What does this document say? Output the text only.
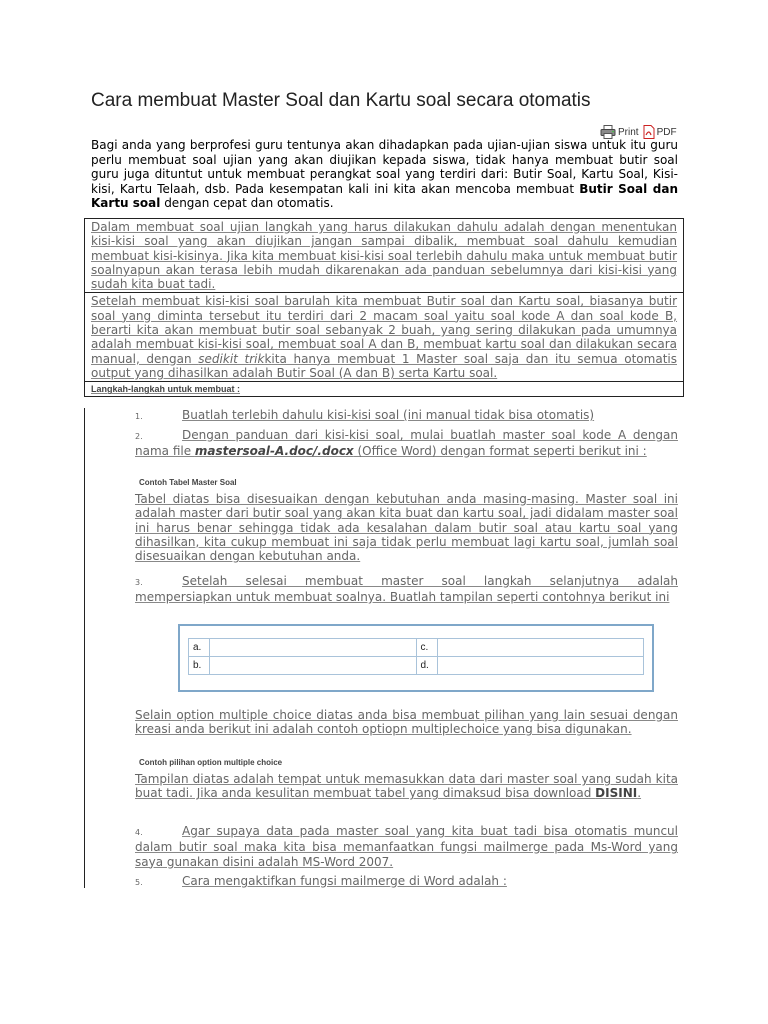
Cara membuat Master Soal dan Kartu soal secara otomatis
Print PDF

Bagi anda yang berprofesi guru tentunya akan dihadapkan pada ujian-ujian siswa untuk itu guru perlu membuat soal ujian yang akan diujikan kepada siswa, tidak hanya membuat butir soal guru juga dituntut untuk membuat perangkat soal yang terdiri dari: Butir Soal, Kartu Soal, Kisi-kisi, Kartu Telaah, dsb. Pada kesempatan kali ini kita akan mencoba membuat Butir Soal dan Kartu soal dengan cepat dan otomatis.

Dalam membuat soal ujian langkah yang harus dilakukan dahulu adalah dengan menentukan kisi-kisi soal yang akan diujikan jangan sampai dibalik, membuat soal dahulu kemudian membuat kisi-kisinya. Jika kita membuat kisi-kisi soal terlebih dahulu maka untuk membuat butir soalnyapun akan terasa lebih mudah dikarenakan ada panduan sebelumnya dari kisi-kisi yang sudah kita buat tadi.
Setelah membuat kisi-kisi soal barulah kita membuat Butir soal dan Kartu soal, biasanya butir soal yang diminta tersebut itu terdiri dari 2 macam soal yaitu soal kode A dan soal kode B, berarti kita akan membuat butir soal sebanyak 2 buah, yang sering dilakukan pada umumnya adalah membuat kisi-kisi soal, membuat soal A dan B, membuat kartu soal dan dilakukan secara manual, dengan sedikit trikkita hanya membuat 1 Master soal saja dan itu semua otomatis output yang dihasilkan adalah Butir Soal (A dan B) serta Kartu soal.
Langkah-langkah untuk membuat :
1.	Buatlah terlebih dahulu kisi-kisi soal (ini manual tidak bisa otomatis)
2.	Dengan panduan dari kisi-kisi soal, mulai buatlah master soal kode A dengan nama file mastersoal-A.doc/.docx (Office Word) dengan format seperti berikut ini :
Contoh Tabel Master Soal
Tabel diatas bisa disesuaikan dengan kebutuhan anda masing-masing. Master soal ini adalah master dari butir soal yang akan kita buat dan kartu soal, jadi didalam master soal ini harus benar sehingga tidak ada kesalahan dalam butir soal atau kartu soal yang dihasilkan, kita cukup membuat ini saja tidak perlu membuat lagi kartu soal, jumlah soal disesuaikan dengan kebutuhan anda.
3.	Setelah selesai membuat master soal langkah selanjutnya adalah mempersiapkan untuk membuat soalnya. Buatlah tampilan seperti contohnya berikut ini
a.		c.	
b.		d.	
Selain option multiple choice diatas anda bisa membuat pilihan yang lain sesuai dengan kreasi anda berikut ini adalah contoh optiopn multiplechoice yang bisa digunakan.
Contoh pilihan option multiple choice
Tampilan diatas adalah tempat untuk memasukkan data dari master soal yang sudah kita buat tadi. Jika anda kesulitan membuat tabel yang dimaksud bisa download DISINI.
4.	Agar supaya data pada master soal yang kita buat tadi bisa otomatis muncul dalam butir soal maka kita bisa memanfaatkan fungsi mailmerge pada Ms-Word yang saya gunakan disini adalah MS-Word 2007.
5.	Cara mengaktifkan fungsi mailmerge di Word adalah :
